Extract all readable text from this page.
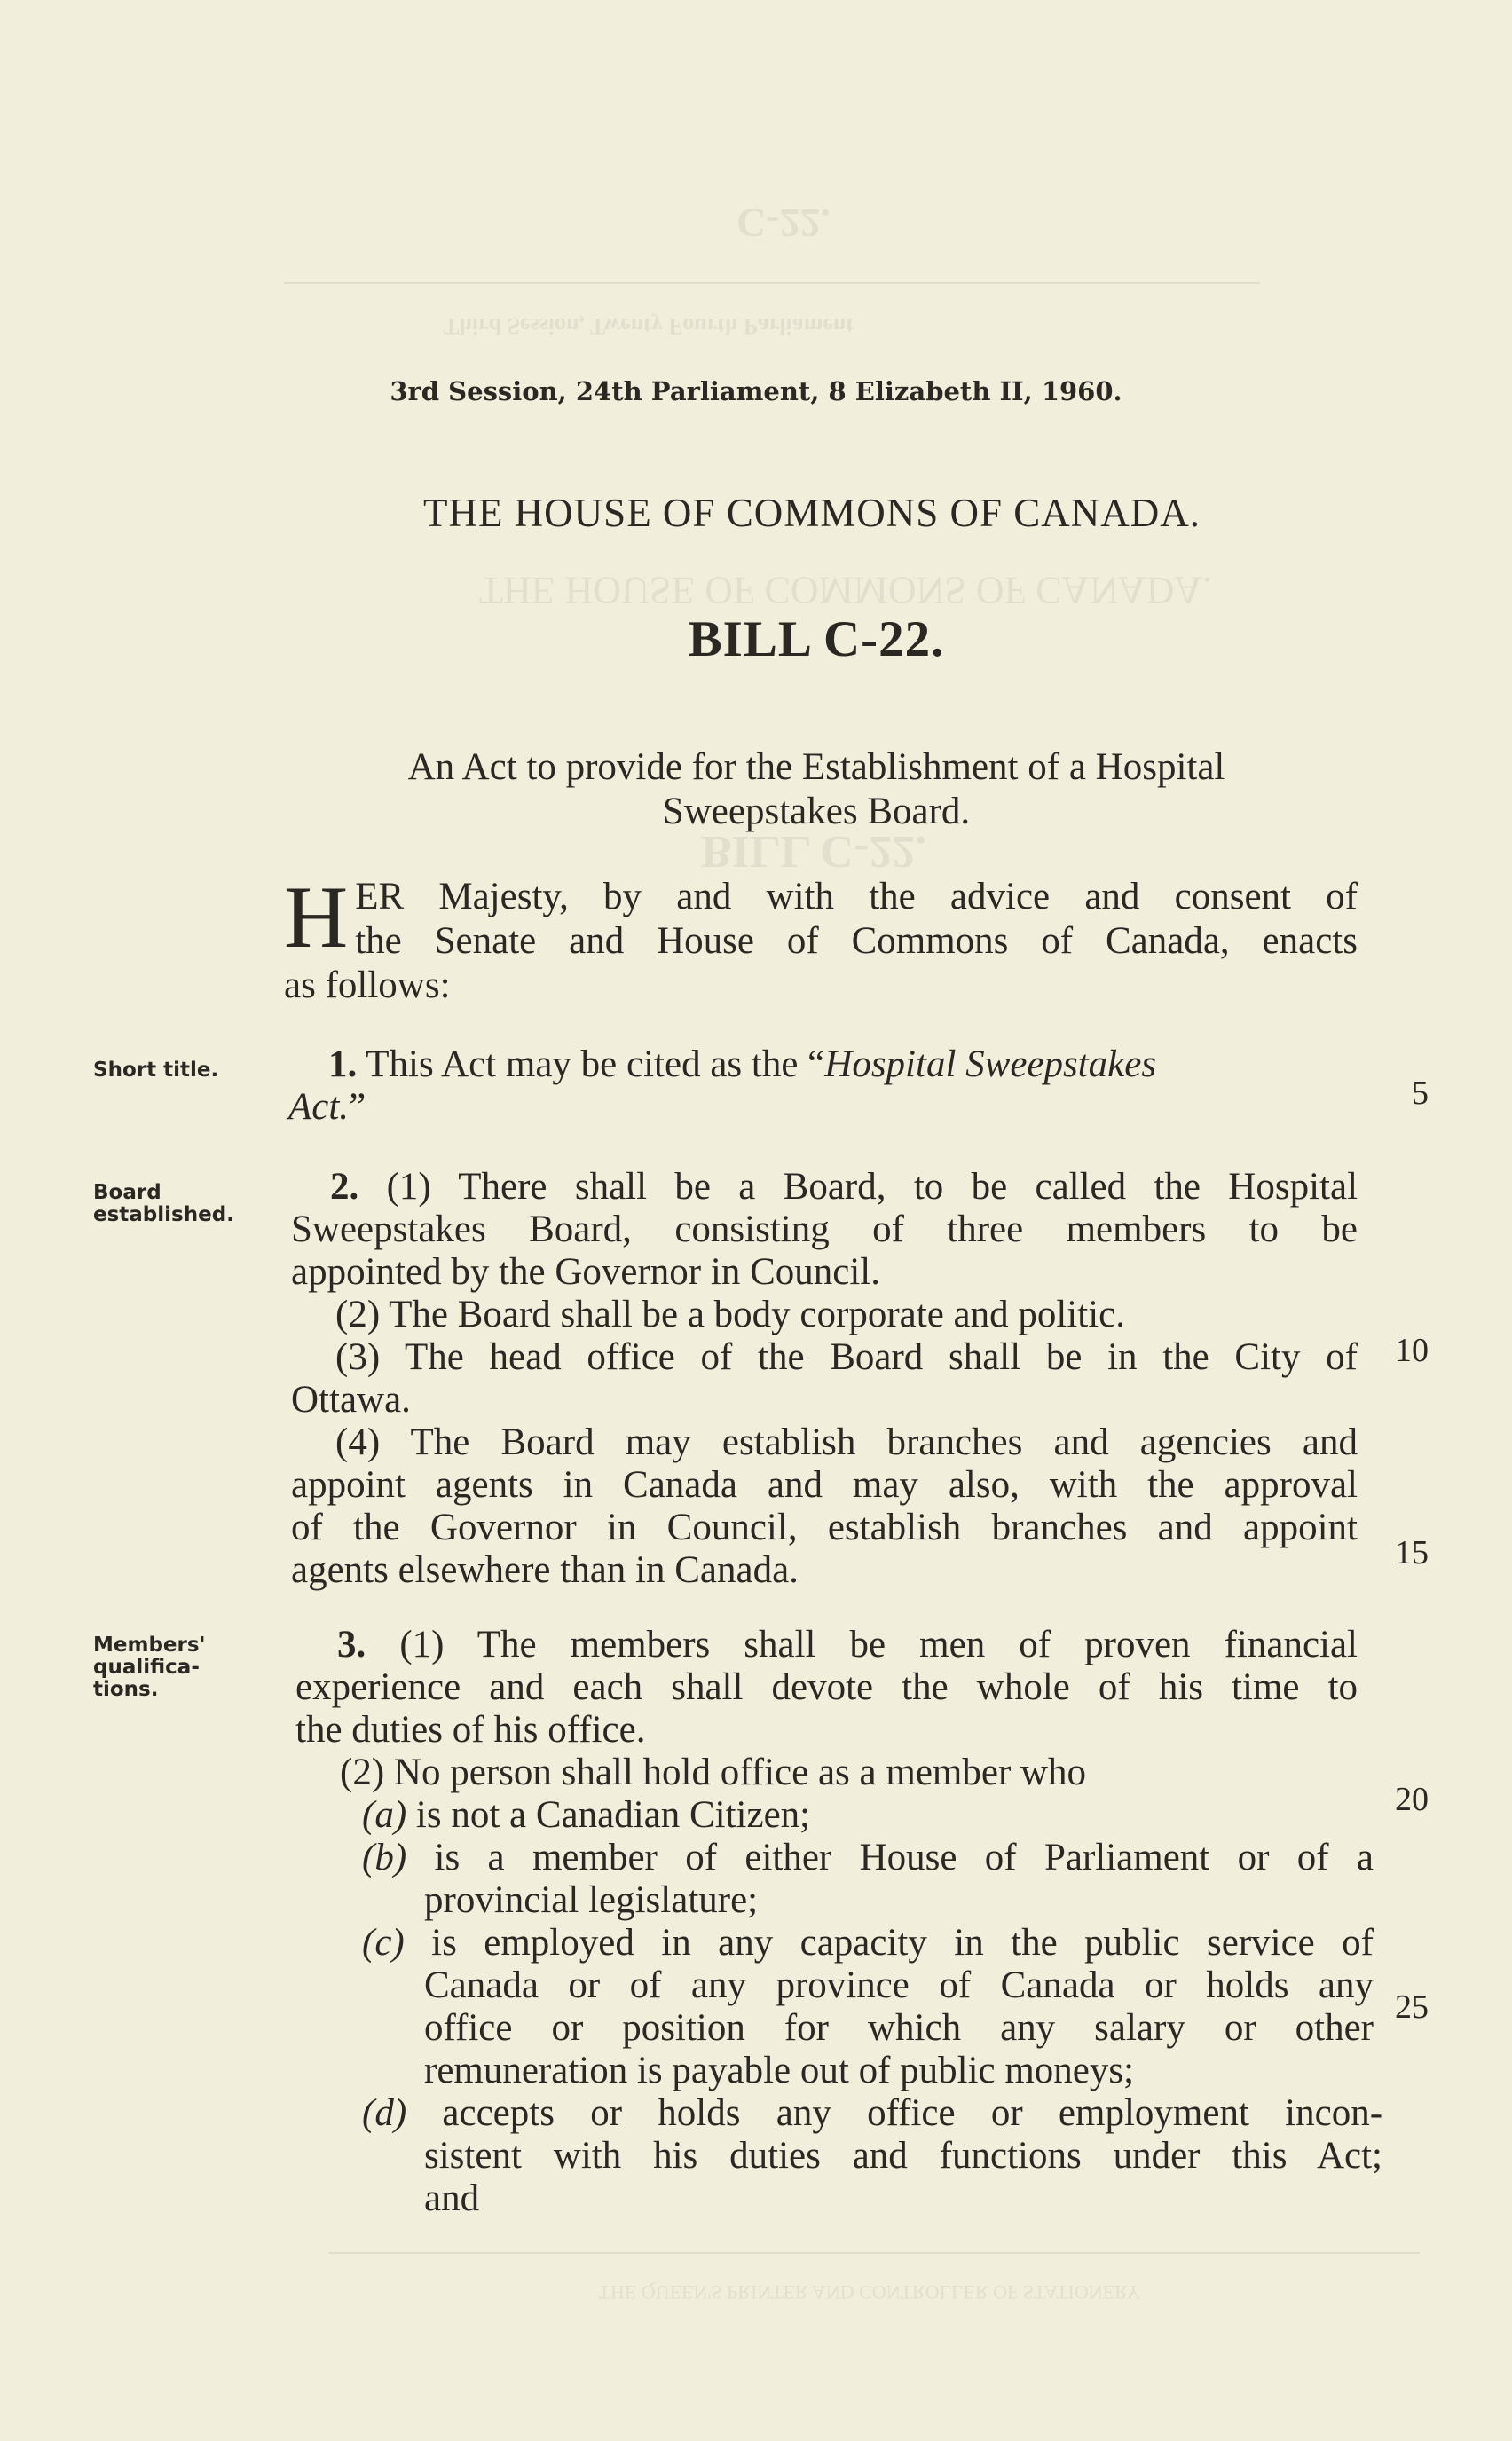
C-22.
Third Session, Twenty Fourth Parliament
THE HOUSE OF COMMONS OF CANADA.
BILL C-22.
3rd Session, 24th Parliament, 8 Elizabeth II, 1960.
THE HOUSE OF COMMONS OF CANADA.
BILL C-22.
An Act to provide for the Establishment of a Hospital
Sweepstakes Board.
H ER Majesty, by and with the advice and consent of
the Senate and House of Commons of Canada, enacts
as follows:
Short title.	1. This Act may be cited as the “Hospital Sweepstakes
Act.”	5
Board
established.
2. (1) There shall be a Board, to be called the Hospital
Sweepstakes Board, consisting of three members to be
appointed by the Governor in Council.
(2) The Board shall be a body corporate and politic.
(3) The head office of the Board shall be in the City of	10
Ottawa.
(4) The Board may establish branches and agencies and
appoint agents in Canada and may also, with the approval
of the Governor in Council, establish branches and appoint
agents elsewhere than in Canada.	15
Members'
qualifica-
tions.
3. (1) The members shall be men of proven financial
experience and each shall devote the whole of his time to
the duties of his office.
(2) No person shall hold office as a member who
(a) is not a Canadian Citizen;	20
(b) is a member of either House of Parliament or of a
provincial legislature;
(c) is employed in any capacity in the public service of
Canada or of any province of Canada or holds any
office or position for which any salary or other 25
remuneration is payable out of public moneys;
(d) accepts or holds any office or employment incon-
sistent with his duties and functions under this Act;
and
THE QUEEN'S PRINTER AND CONTROLLER OF STATIONERY
